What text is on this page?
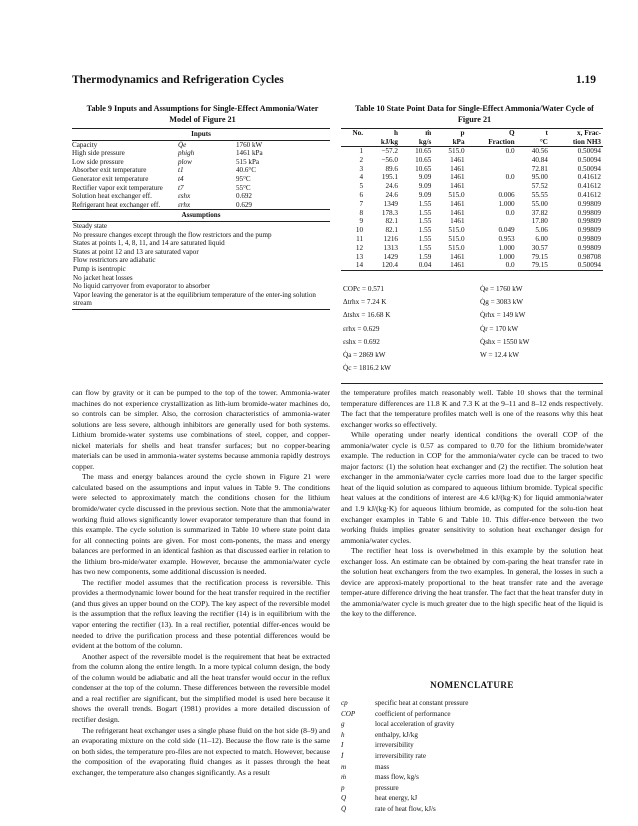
Thermodynamics and Refrigeration Cycles	1.19
Table 9 Inputs and Assumptions for Single-Effect Ammonia/Water Model of Figure 21
Table 10 State Point Data for Single-Effect Ammonia/Water Cycle of Figure 21
Inputs
Capacity	Q̇e	1760 kW
High side pressure	phigh	1461 kPa
Low side pressure	plow	515 kPa
Absorber exit temperature	t1	40.6°C
Generator exit temperature	t4	95°C
Rectifier vapor exit temperature	t7	55°C
Solution heat exchanger eff.	εshx	0.692
Refrigerant heat exchanger eff.	εrhx	0.629
Assumptions
Steady state
No pressure changes except through the flow restrictors and the pump
States at points 1, 4, 8, 11, and 14 are saturated liquid
States at point 12 and 13 are saturated vapor
Flow restrictors are adiabatic
Pump is isentropic
No jacket heat losses
No liquid carryover from evaporator to absorber
Vapor leaving the generator is at the equilibrium temperature of the enter-ing solution stream
No.	h	ṁ	p	Q	t	x, Frac-
	kJ/kg	kg/s	kPa	Fraction	°C	tion NH3
1	−57.2	10.65	515.0	0.0	40.56	0.50094
2	−56.0	10.65	1461		40.84	0.50094
3	89.6	10.65	1461		72.81	0.50094
4	195.1	9.09	1461	0.0	95.00	0.41612
5	24.6	9.09	1461		57.52	0.41612
6	24.6	9.09	515.0	0.006	55.55	0.41612
7	1349	1.55	1461	1.000	55.00	0.99809
8	178.3	1.55	1461	0.0	37.82	0.99809
9	82.1	1.55	1461		17.80	0.99809
10	82.1	1.55	515.0	0.049	5.06	0.99809
11	1216	1.55	515.0	0.953	6.00	0.99809
12	1313	1.55	515.0	1.000	30.57	0.99809
13	1429	1.59	1461	1.000	79.15	0.98708
14	120.4	0.04	1461	0.0	79.15	0.50094
COPc = 0.571
Δtrhx = 7.24 K
Δtshx = 16.68 K
εrhx = 0.629
εshx = 0.692
Q̇a = 2869 kW
Q̇c = 1816.2 kW
Q̇e = 1760 kW
Q̇g = 3083 kW
Q̇rhx = 149 kW
Q̇r = 170 kW
Q̇shx = 1550 kW
W = 12.4 kW

can flow by gravity or it can be pumped to the top of the tower. Ammonia-water machines do not experience crystallization as lith-ium bromide-water machines do, so controls can be simpler. Also, the corrosion characteristics of ammonia-water solutions are less severe, although inhibitors are generally used for both systems. Lithium bromide-water systems use combinations of steel, copper, and copper-nickel materials for shells and heat transfer surfaces; but no copper-bearing materials can be used in ammonia-water systems because ammonia rapidly destroys copper.

The mass and energy balances around the cycle shown in Figure 21 were calculated based on the assumptions and input values in Table 9. The conditions were selected to approximately match the conditions chosen for the lithium bromide/water cycle discussed in the previous section. Note that the ammonia/water working fluid allows significantly lower evaporator temperature than that found in this example. The cycle solution is summarized in Table 10 where state point data for all connecting points are given. For most com-ponents, the mass and energy balances are performed in an identical fashion as that discussed earlier in relation to the lithium bro-mide/water example. However, because the ammonia/water cycle has two new components, some additional discussion is needed.

The rectifier model assumes that the rectification process is reversible. This provides a thermodynamic lower bound for the heat transfer required in the rectifier (and thus gives an upper bound on the COP). The key aspect of the reversible model is the assumption that the reflux leaving the rectifier (14) is in equilibrium with the vapor entering the rectifier (13). In a real rectifier, potential differ-ences would be needed to drive the purification process and these potential differences would be evident at the bottom of the column.

Another aspect of the reversible model is the requirement that heat be extracted from the column along the entire length. In a more typical column design, the body of the column would be adiabatic and all the heat transfer would occur in the reflux condenser at the top of the column. These differences between the reversible model and a real rectifier are significant, but the simplified model is used here because it shows the overall trends. Bogart (1981) provides a more detailed discussion of rectifier design.

The refrigerant heat exchanger uses a single phase fluid on the hot side (8–9) and an evaporating mixture on the cold side (11–12). Because the flow rate is the same on both sides, the temperature pro-files are not expected to match. However, because the composition of the evaporating fluid changes as it passes through the heat exchanger, the temperature also changes significantly. As a result

the temperature profiles match reasonably well. Table 10 shows that the terminal temperature differences are 11.8 K and 7.3 K at the 9–11 and 8–12 ends respectively. The fact that the temperature profiles match well is one of the reasons why this heat exchanger works so effectively.

While operating under nearly identical conditions the overall COP of the ammonia/water cycle is 0.57 as compared to 0.70 for the lithium bromide/water example. The reduction in COP for the ammonia/water cycle can be traced to two major factors: (1) the solution heat exchanger and (2) the rectifier. The solution heat exchanger in the ammonia/water cycle carries more load due to the larger specific heat of the liquid solution as compared to aqueous lithium bromide. Typical specific heat values at the conditions of interest are 4.6 kJ/(kg·K) for liquid ammonia/water and 1.9 kJ/(kg·K) for aqueous lithium bromide, as computed for the solu-tion heat exchanger examples in Table 6 and Table 10. This differ-ence between the two working fluids implies greater sensitivity to solution heat exchanger design for ammonia/water cycles.

The rectifier heat loss is overwhelmed in this example by the solution heat exchanger loss. An estimate can be obtained by com-paring the heat transfer rate in the solution heat exchangers from the two examples. In general, the losses in such a device are approxi-mately proportional to the heat transfer rate and the average temper-ature difference driving the heat transfer. The fact that the heat transfer duty in the ammonia/water cycle is much greater due to the high specific heat of the liquid is the key to the difference.

NOMENCLATURE
cp	specific heat at constant pressure
COP	coefficient of performance
g	local acceleration of gravity
h	enthalpy, kJ/kg
I	irreversibility
İ	irreversibility rate
m	mass
ṁ	mass flow, kg/s
p	pressure
Q	heat energy, kJ
Q̇	rate of heat flow, kJ/s
